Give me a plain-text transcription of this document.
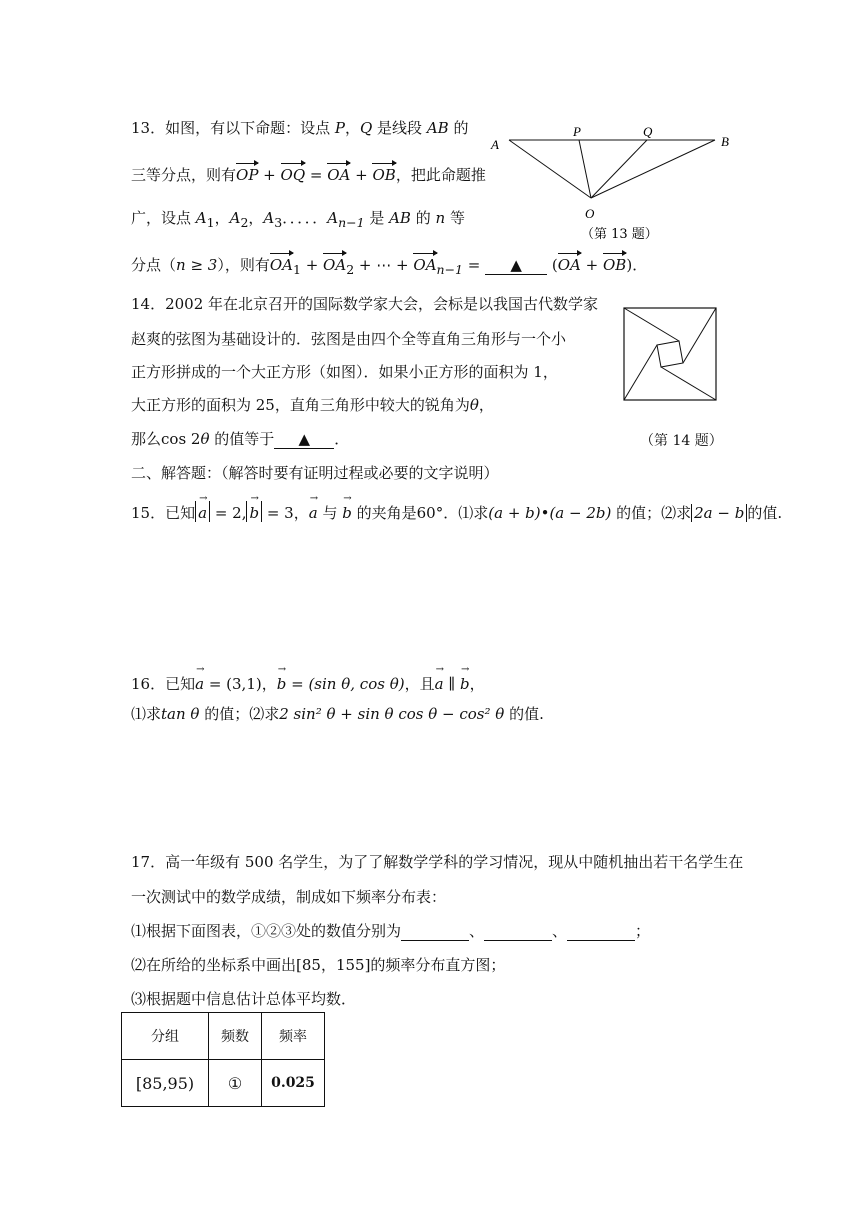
13．如图，有以下命题：设点 P，Q 是线段 AB 的
三等分点，则有OP + OQ = OA + OB，把此命题推
广，设点 $A_1$，$A_2$，$A_3$．．．．．$A_{n-1}$ 是 AB 的 n 等
分点（n ≥ 3），则有$OA_1 + OA_2$ + ⋯ + $OA_{n-1}$ = ▲ (OA + OB)．
A
P	Q
B
O
（第 13 题）
14．2002 年在北京召开的国际数学家大会，会标是以我国古代数学家
赵爽的弦图为基础设计的．弦图是由四个全等直角三角形与一个小
正方形拼成的一个大正方形（如图）．如果小正方形的面积为 1，
大正方形的面积为 25，直角三角形中较大的锐角为θ，
那么cos 2θ 的值等于 ▲ ．	（第 14 题）
二、解答题：（解答时要有证明过程或必要的文字说明）
15．已知 → a = 2, → b = 3，→ a 与 → b 的夹角是60°．⑴求(a + b)•(a − 2b) 的值；⑵求 2a − b 的值.
16．已知→ a = (3,1)，→ b = (sin θ, cos θ)，且→ a ∥ → b，
⑴求tan θ 的值；⑵求2 sin² θ + sin θ cos θ − cos² θ 的值.
17．高一年级有 500 名学生，为了了解数学学科的学习情况，现从中随机抽出若干名学生在
一次测试中的数学成绩，制成如下频率分布表：
⑴根据下面图表，①②③处的数值分别为	、	、	；
⑵在所给的坐标系中画出[85，155]的频率分布直方图；
⑶根据题中信息估计总体平均数．
分组	频数	频率
[85,95)	①	0.025
